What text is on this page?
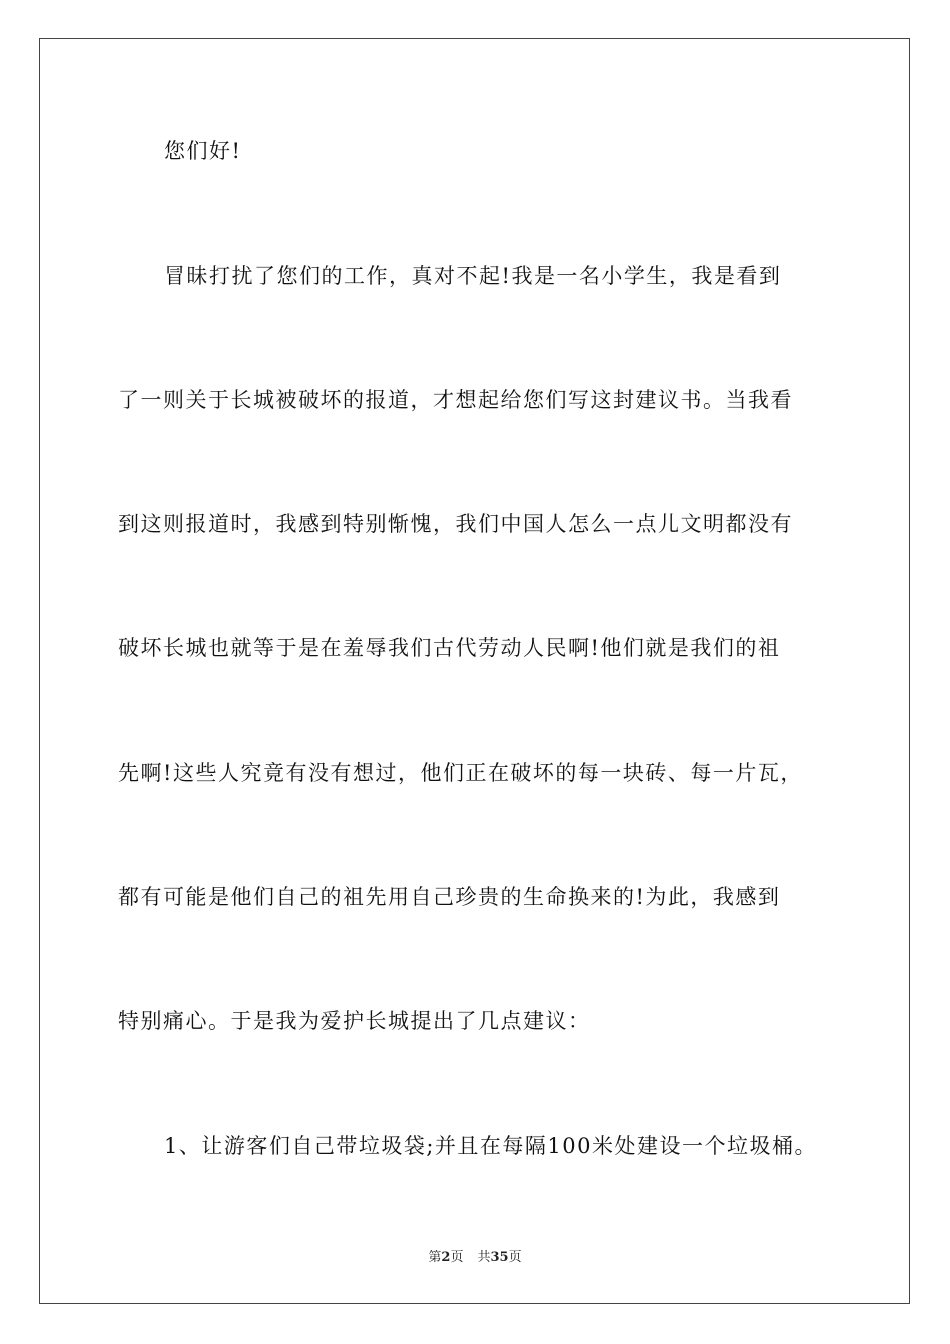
您们好!
冒昧打扰了您们的工作，真对不起!我是一名小学生，我是看到
了一则关于长城被破坏的报道，才想起给您们写这封建议书。当我看
到这则报道时，我感到特别惭愧，我们中国人怎么一点儿文明都没有
破坏长城也就等于是在羞辱我们古代劳动人民啊!他们就是我们的祖
先啊!这些人究竟有没有想过，他们正在破坏的每一块砖、每一片瓦，
都有可能是他们自己的祖先用自己珍贵的生命换来的!为此，我感到
特别痛心。于是我为爱护长城提出了几点建议：
1、让游客们自己带垃圾袋;并且在每隔100米处建设一个垃圾桶。
第2页 共35页
